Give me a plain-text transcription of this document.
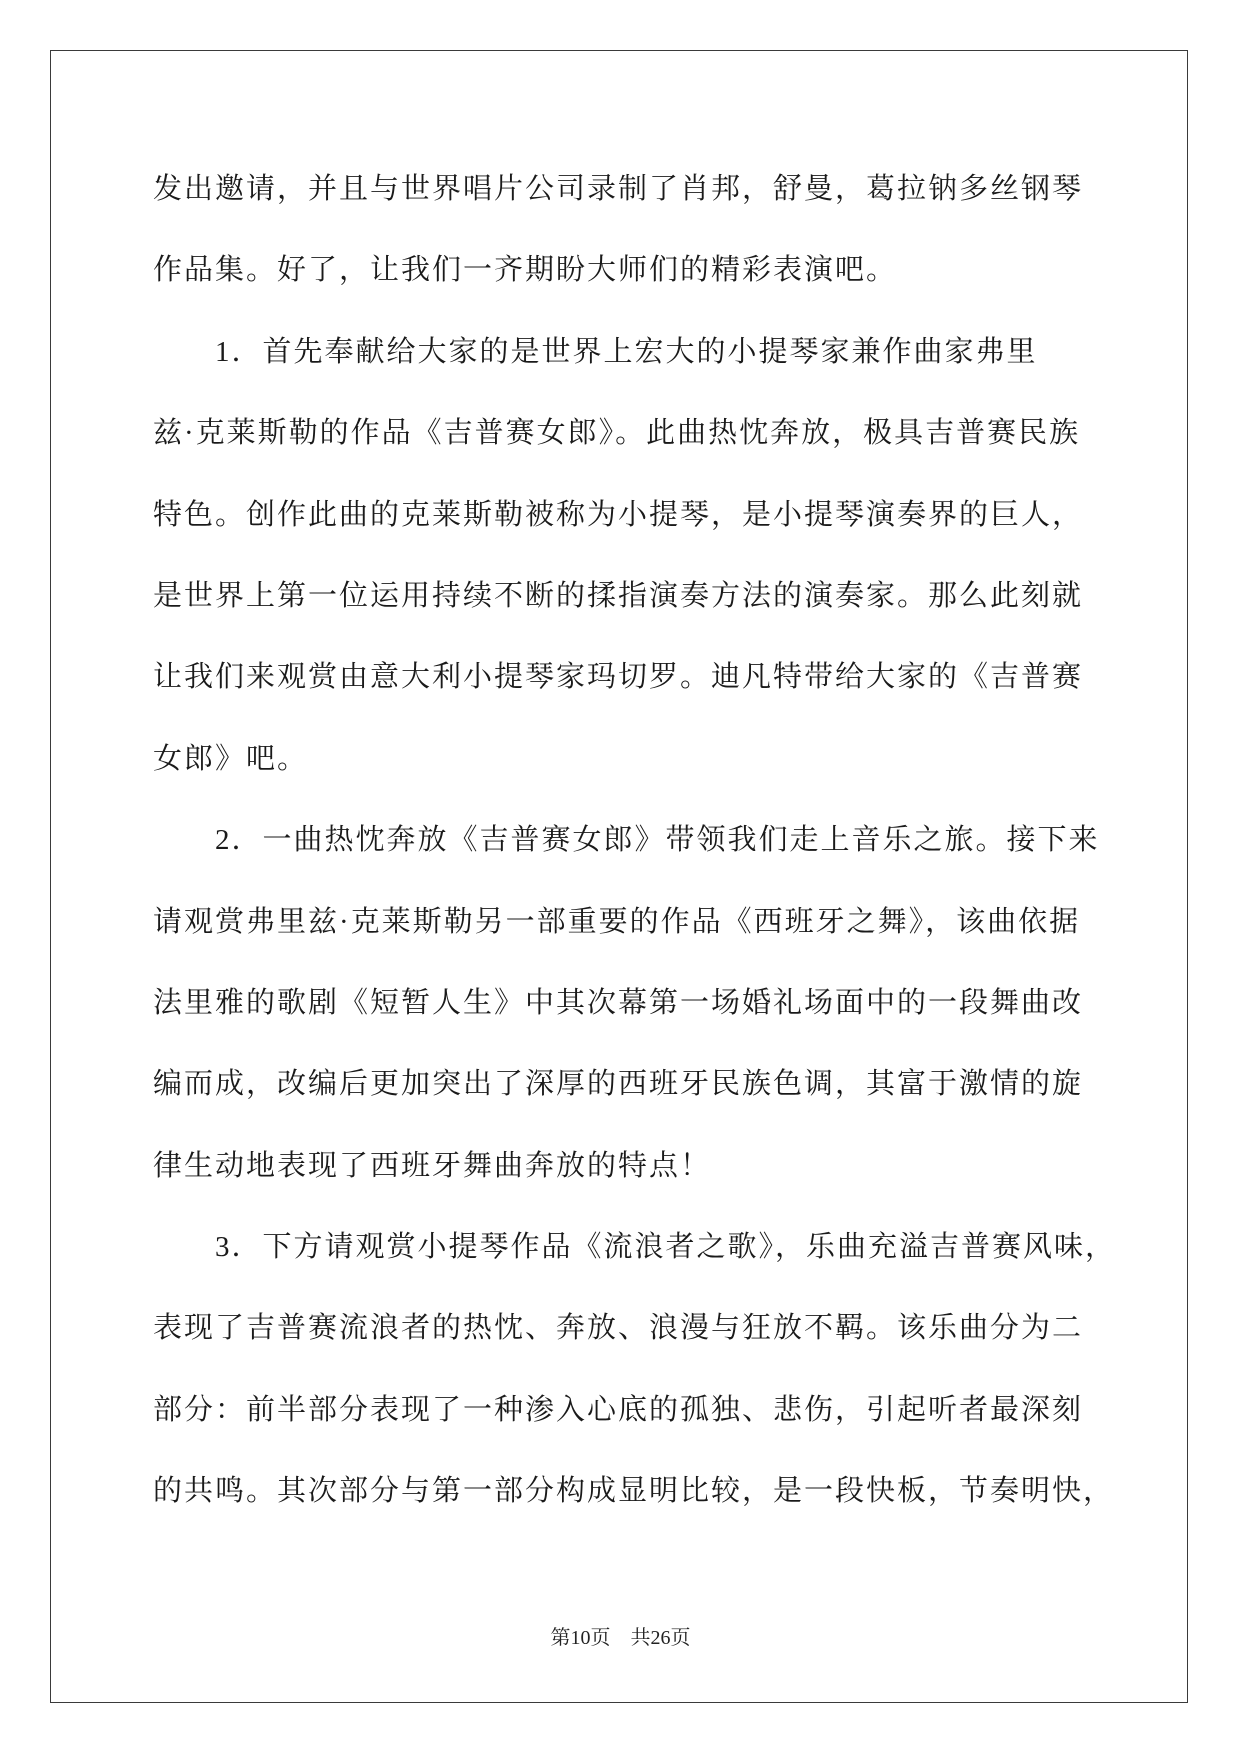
发出邀请，并且与世界唱片公司录制了肖邦，舒曼，葛拉钠多丝钢琴
作品集。好了，让我们一齐期盼大师们的精彩表演吧。
1．首先奉献给大家的是世界上宏大的小提琴家兼作曲家弗里
兹·克莱斯勒的作品《吉普赛女郎》。此曲热忱奔放，极具吉普赛民族
特色。创作此曲的克莱斯勒被称为小提琴，是小提琴演奏界的巨人，
是世界上第一位运用持续不断的揉指演奏方法的演奏家。那么此刻就
让我们来观赏由意大利小提琴家玛切罗。迪凡特带给大家的《吉普赛
女郎》吧。
2．一曲热忱奔放《吉普赛女郎》带领我们走上音乐之旅。接下来
请观赏弗里兹·克莱斯勒另一部重要的作品《西班牙之舞》，该曲依据
法里雅的歌剧《短暂人生》中其次幕第一场婚礼场面中的一段舞曲改
编而成，改编后更加突出了深厚的西班牙民族色调，其富于激情的旋
律生动地表现了西班牙舞曲奔放的特点！
3．下方请观赏小提琴作品《流浪者之歌》，乐曲充溢吉普赛风味，
表现了吉普赛流浪者的热忱、奔放、浪漫与狂放不羁。该乐曲分为二
部分：前半部分表现了一种渗入心底的孤独、悲伤，引起听者最深刻
的共鸣。其次部分与第一部分构成显明比较，是一段快板，节奏明快，
第10页　共26页
